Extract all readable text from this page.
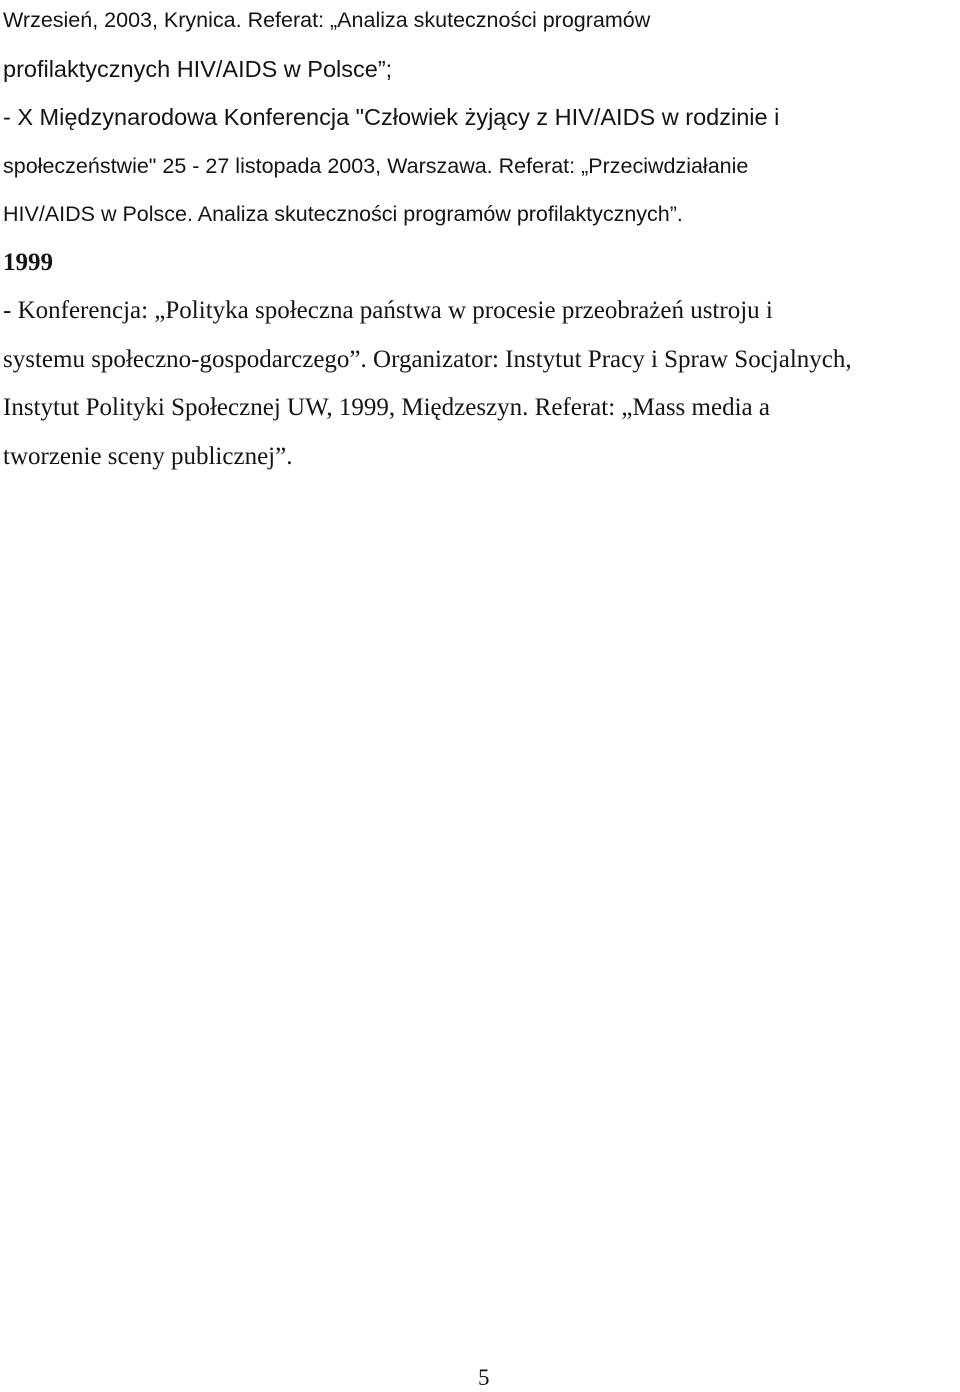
Wrzesień, 2003, Krynica. Referat: „Analiza skuteczności programów
profilaktycznych HIV/AIDS w Polsce”;
- X Międzynarodowa Konferencja "Człowiek żyjący z HIV/AIDS w rodzinie i
społeczeństwie" 25 - 27 listopada 2003, Warszawa. Referat: „Przeciwdziałanie
HIV/AIDS w Polsce. Analiza skuteczności programów profilaktycznych”.
1999
- Konferencja: „Polityka społeczna państwa w procesie przeobrażeń ustroju i
systemu społeczno-gospodarczego”. Organizator: Instytut Pracy i Spraw Socjalnych,
Instytut Polityki Społecznej UW, 1999, Międzeszyn. Referat: „Mass media a
tworzenie sceny publicznej”.
5
